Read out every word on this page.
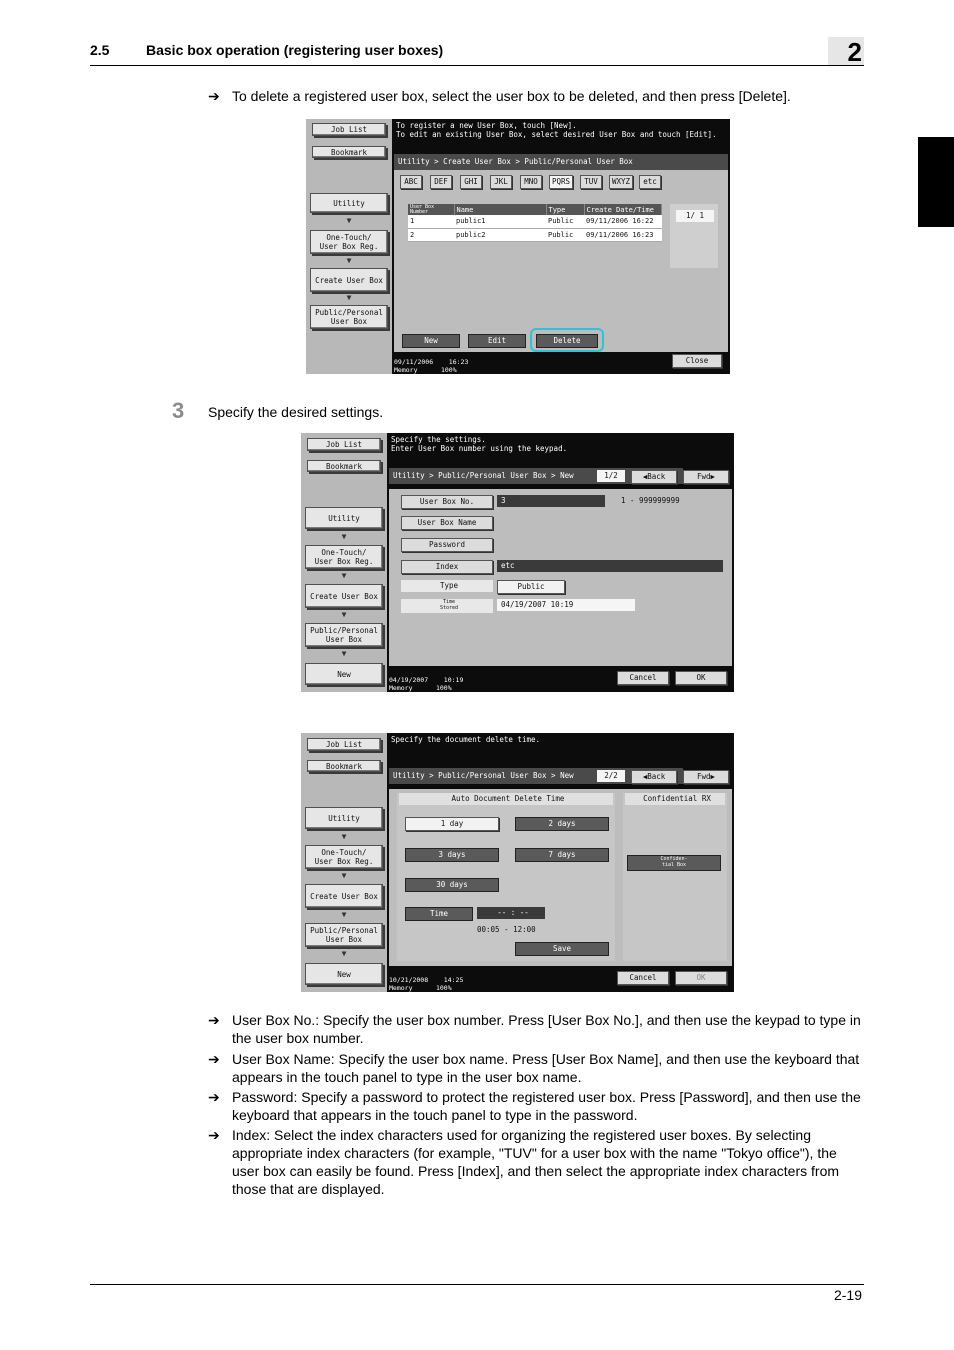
2.5	Basic box operation (registering user boxes)	2
➔ To delete a registered user box, select the user box to be deleted, and then press [Delete].
Job List
Bookmark
Utility
▼
One-Touch/
User Box Reg.
▼
Create User Box
▼
Public/Personal
User Box
To register a new User Box, touch [New].
To edit an existing User Box, select desired User Box and touch [Edit].
Utility > Create User Box > Public/Personal User Box
ABC	DEF	GHI	JKL	MNO	PQRS	TUV	WXYZ	etc
User Box
Number	Name	Type	Create Date/Time
1	public1	Public	09/11/2006 16:22
2	public2	Public	09/11/2006 16:23
1/ 1
New	Edit	Delete
Close
09/11/2006 16:23
Memory	100%
3 Specify the desired settings.
Job List
Bookmark
Utility
▼
One-Touch/
User Box Reg.
▼
Create User Box
▼
Public/Personal
User Box
▼
New
Specify the settings.
Enter User Box number using the keypad.
Utility > Public/Personal User Box > New	1/2	◀Back	Fwd▶
User Box No.	3	1 - 999999999
User Box Name
Password
Index	etc
Type	Public
Time
Stored	04/19/2007 10:19
Cancel	OK
04/19/2007 10:19
Memory	100%
Job List
Bookmark
Utility
▼
One-Touch/
User Box Reg.
▼
Create User Box
▼
Public/Personal
User Box
▼
New
Specify the document delete time.
Utility > Public/Personal User Box > New	2/2	◀Back	Fwd▶
Auto Document Delete Time
1 day	2 days
3 days	7 days
30 days
Time	-- : --
00:05 - 12:00
Save
Confidential RX
Confiden-
tial Box
Cancel	OK
10/21/2008 14:25
Memory	100%
➔ User Box No.: Specify the user box number. Press [User Box No.], and then use the keypad to type in the user box number.
➔ User Box Name: Specify the user box name. Press [User Box Name], and then use the keyboard that appears in the touch panel to type in the user box name.
➔ Password: Specify a password to protect the registered user box. Press [Password], and then use the keyboard that appears in the touch panel to type in the password.
➔ Index: Select the index characters used for organizing the registered user boxes. By selecting appropriate index characters (for example, "TUV" for a user box with the name "Tokyo office"), the user box can easily be found. Press [Index], and then select the appropriate index characters from those that are displayed.
2-19
